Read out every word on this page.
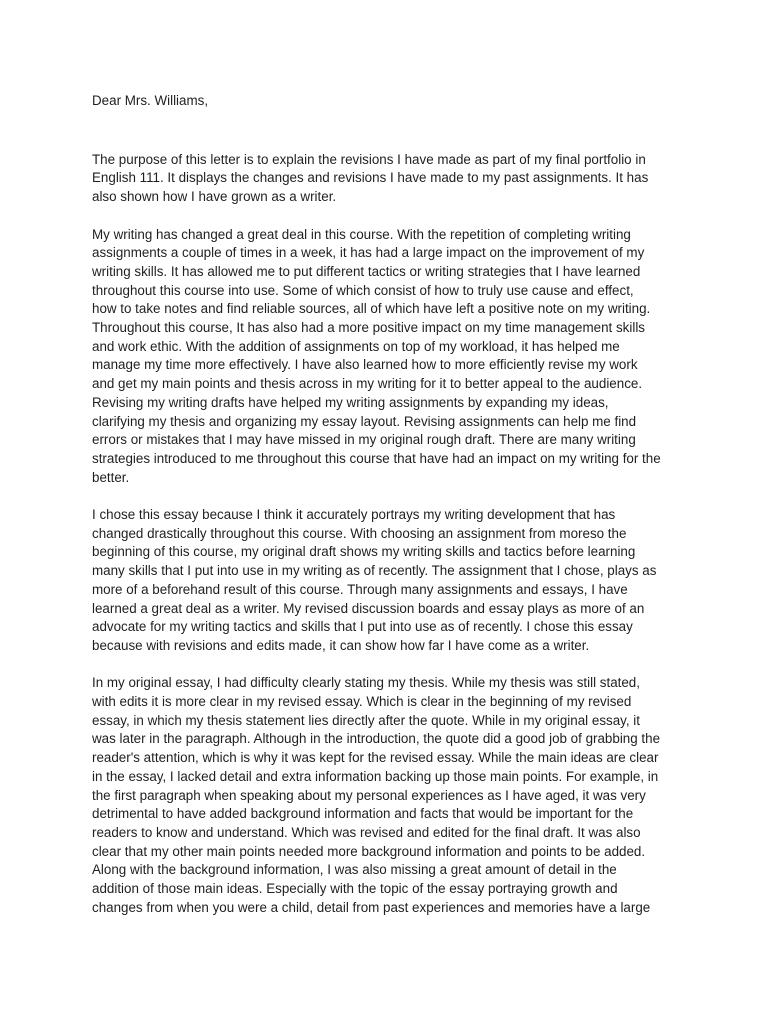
Dear Mrs. Williams,
The purpose of this letter is to explain the revisions I have made as part of my final portfolio in
English 111. It displays the changes and revisions I have made to my past assignments. It has
also shown how I have grown as a writer.
My writing has changed a great deal in this course. With the repetition of completing writing
assignments a couple of times in a week, it has had a large impact on the improvement of my
writing skills. It has allowed me to put different tactics or writing strategies that I have learned
throughout this course into use. Some of which consist of how to truly use cause and effect,
how to take notes and find reliable sources, all of which have left a positive note on my writing.
Throughout this course, It has also had a more positive impact on my time management skills
and work ethic. With the addition of assignments on top of my workload, it has helped me
manage my time more effectively. I have also learned how to more efficiently revise my work
and get my main points and thesis across in my writing for it to better appeal to the audience.
Revising my writing drafts have helped my writing assignments by expanding my ideas,
clarifying my thesis and organizing my essay layout. Revising assignments can help me find
errors or mistakes that I may have missed in my original rough draft. There are many writing
strategies introduced to me throughout this course that have had an impact on my writing for the
better.
I chose this essay because I think it accurately portrays my writing development that has
changed drastically throughout this course. With choosing an assignment from moreso the
beginning of this course, my original draft shows my writing skills and tactics before learning
many skills that I put into use in my writing as of recently. The assignment that I chose, plays as
more of a beforehand result of this course. Through many assignments and essays, I have
learned a great deal as a writer. My revised discussion boards and essay plays as more of an
advocate for my writing tactics and skills that I put into use as of recently. I chose this essay
because with revisions and edits made, it can show how far I have come as a writer.
In my original essay, I had difficulty clearly stating my thesis. While my thesis was still stated,
with edits it is more clear in my revised essay. Which is clear in the beginning of my revised
essay, in which my thesis statement lies directly after the quote. While in my original essay, it
was later in the paragraph. Although in the introduction, the quote did a good job of grabbing the
reader's attention, which is why it was kept for the revised essay. While the main ideas are clear
in the essay, I lacked detail and extra information backing up those main points. For example, in
the first paragraph when speaking about my personal experiences as I have aged, it was very
detrimental to have added background information and facts that would be important for the
readers to know and understand. Which was revised and edited for the final draft. It was also
clear that my other main points needed more background information and points to be added.
Along with the background information, I was also missing a great amount of detail in the
addition of those main ideas. Especially with the topic of the essay portraying growth and
changes from when you were a child, detail from past experiences and memories have a large
